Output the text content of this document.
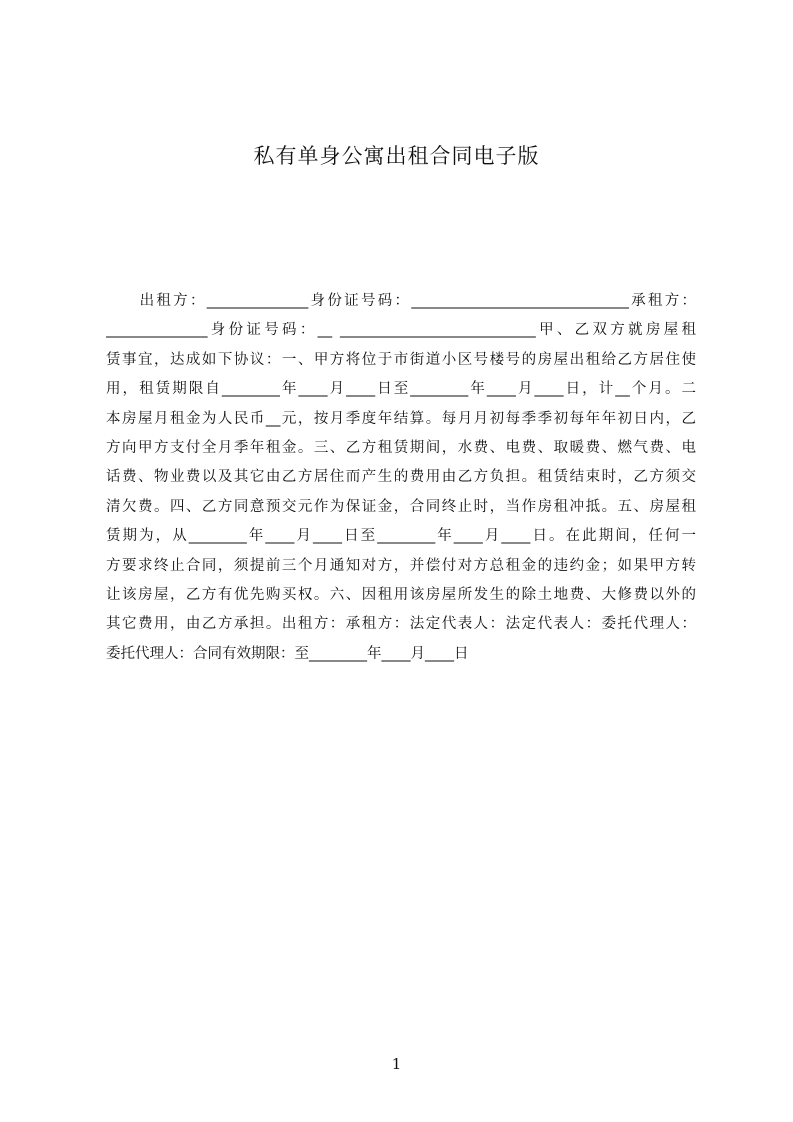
私有单身公寓出租合同电子版
　　出租方：______________身份证号码：______________________________承租方：
______________身份证号码：__ ___________________________甲、乙双方就房屋租
赁事宜，达成如下协议：一、甲方将位于市街道小区号楼号的房屋出租给乙方居住使
用，租赁期限自________年____月____日至________年____月____日，计__个月。二
本房屋月租金为人民币__元，按月季度年结算。每月月初每季季初每年年初日内，乙
方向甲方支付全月季年租金。三、乙方租赁期间，水费、电费、取暖费、燃气费、电
话费、物业费以及其它由乙方居住而产生的费用由乙方负担。租赁结束时，乙方须交
清欠费。四、乙方同意预交元作为保证金，合同终止时，当作房租冲抵。五、房屋租
赁期为，从________年____月____日至________年____月____日。在此期间，任何一
方要求终止合同，须提前三个月通知对方，并偿付对方总租金的违约金；如果甲方转
让该房屋，乙方有优先购买权。六、因租用该房屋所发生的除土地费、大修费以外的
其它费用，由乙方承担。出租方：承租方：法定代表人：法定代表人：委托代理人：
委托代理人：合同有效期限：至________年____月____日
1
